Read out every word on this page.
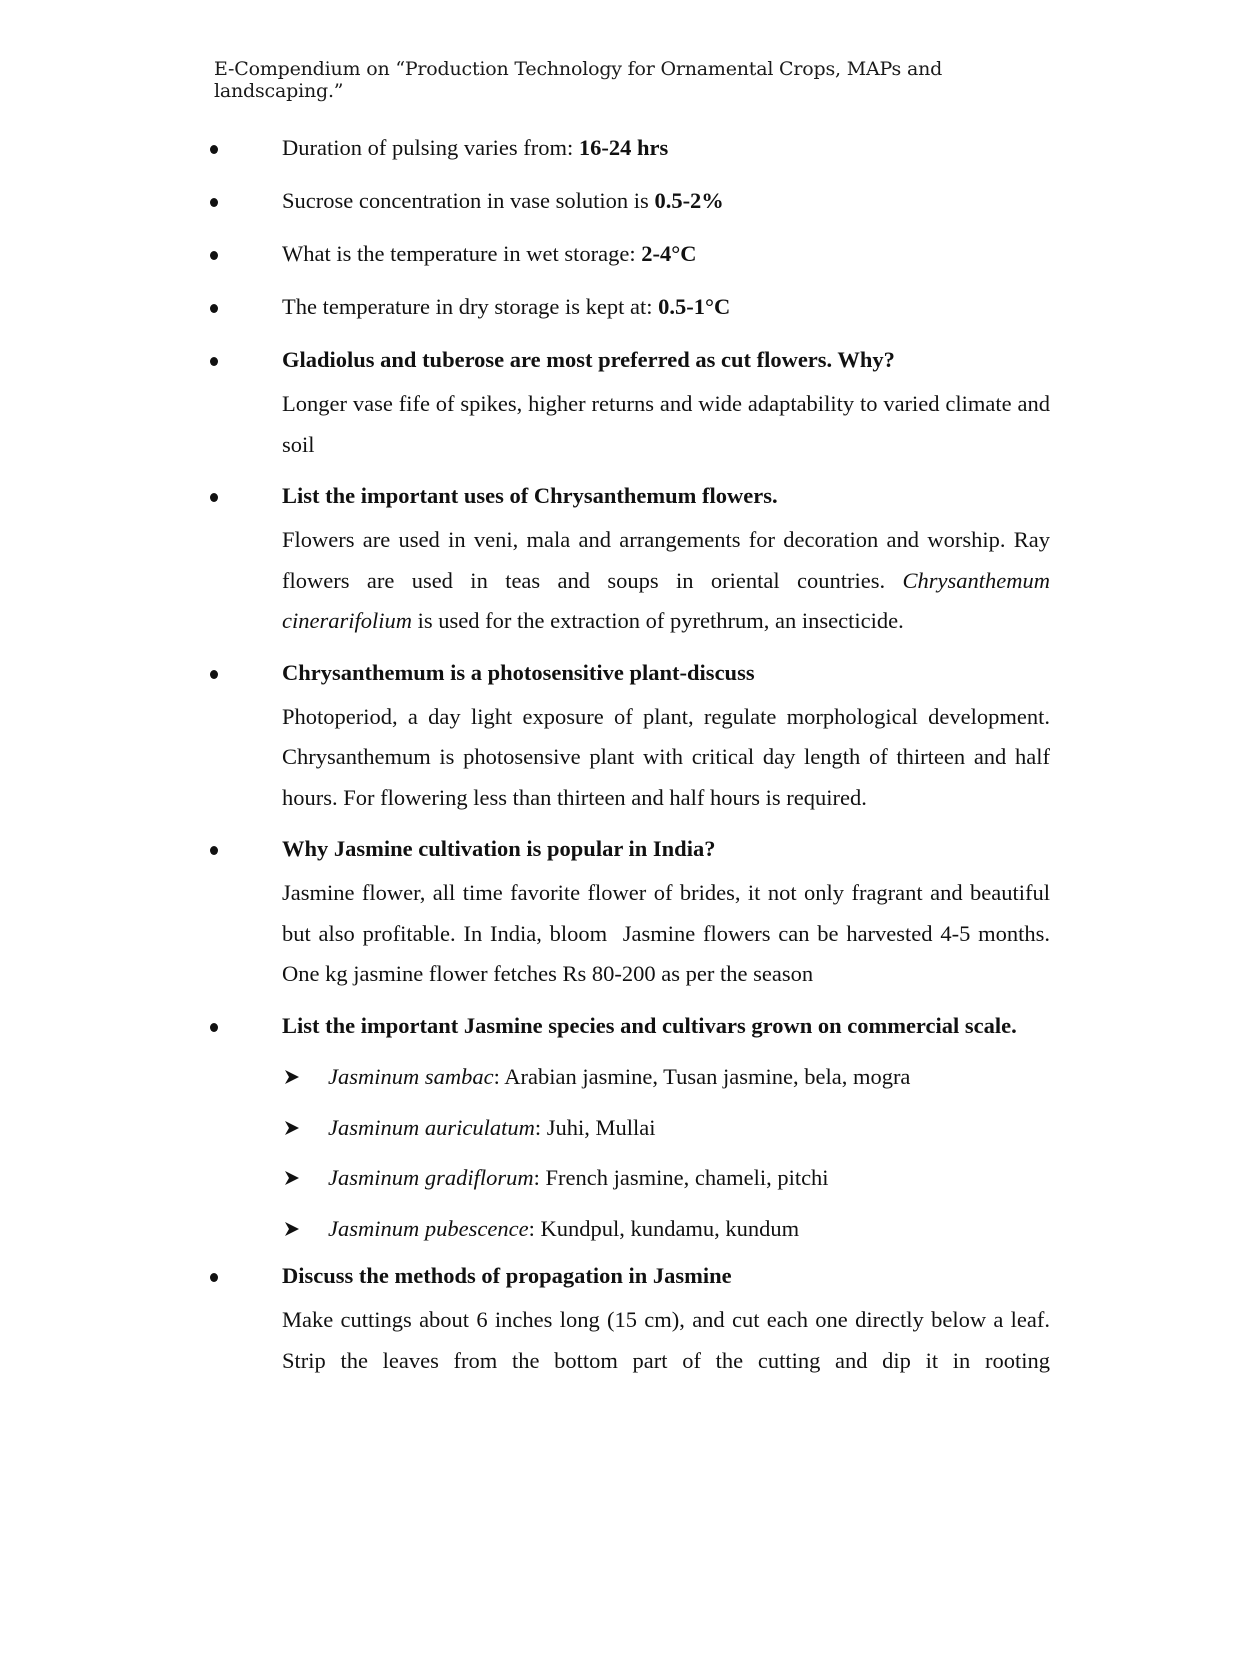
E-Compendium on “Production Technology for Ornamental Crops, MAPs and landscaping.”

Duration of pulsing varies from: 16-24 hrs

Sucrose concentration in vase solution is 0.5-2%

What is the temperature in wet storage: 2-4°C

The temperature in dry storage is kept at: 0.5-1°C

Gladiolus and tuberose are most preferred as cut flowers. Why?

Longer vase fife of spikes, higher returns and wide adaptability to varied climate and soil

List the important uses of Chrysanthemum flowers.

Flowers are used in veni, mala and arrangements for decoration and worship. Ray flowers are used in teas and soups in oriental countries. Chrysanthemum cinerarifolium is used for the extraction of pyrethrum, an insecticide.

Chrysanthemum is a photosensitive plant-discuss

Photoperiod, a day light exposure of plant, regulate morphological development. Chrysanthemum is photosensive plant with critical day length of thirteen and half hours. For flowering less than thirteen and half hours is required.

Why Jasmine cultivation is popular in India?

Jasmine flower, all time favorite flower of brides, it not only fragrant and beautiful but also profitable. In India, bloom  Jasmine flowers can be harvested 4-5 months. One kg jasmine flower fetches Rs 80-200 as per the season

List the important Jasmine species and cultivars grown on commercial scale.

Jasminum sambac: Arabian jasmine, Tusan jasmine, bela, mogra
Jasminum auriculatum: Juhi, Mullai
Jasminum gradiflorum: French jasmine, chameli, pitchi
Jasminum pubescence: Kundpul, kundamu, kundum

Discuss the methods of propagation in Jasmine

Make cuttings about 6 inches long (15 cm), and cut each one directly below a leaf. Strip the leaves from the bottom part of the cutting and dip it in rooting
